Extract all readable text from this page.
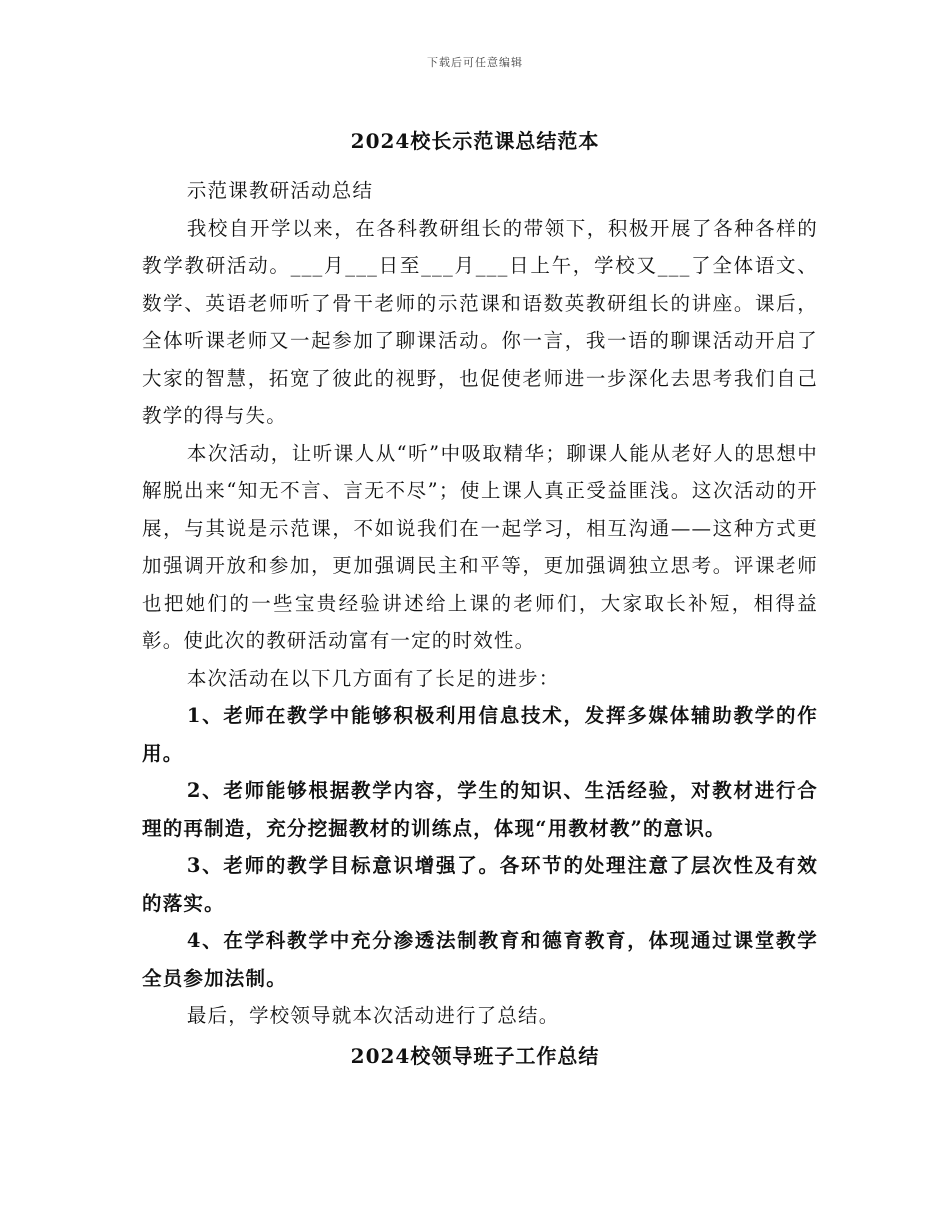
下载后可任意编辑
2024校长示范课总结范本

示范课教研活动总结

我校自开学以来，在各科教研组长的带领下，积极开展了各种各样的教学教研活动。___月___日至___月___日上午，学校又___了全体语文、数学、英语老师听了骨干老师的示范课和语数英教研组长的讲座。课后，全体听课老师又一起参加了聊课活动。你一言，我一语的聊课活动开启了大家的智慧，拓宽了彼此的视野，也促使老师进一步深化去思考我们自己教学的得与失。

本次活动，让听课人从“听”中吸取精华；聊课人能从老好人的思想中解脱出来“知无不言、言无不尽”；使上课人真正受益匪浅。这次活动的开展，与其说是示范课，不如说我们在一起学习，相互沟通——这种方式更加强调开放和参加，更加强调民主和平等，更加强调独立思考。评课老师也把她们的一些宝贵经验讲述给上课的老师们，大家取长补短，相得益彰。使此次的教研活动富有一定的时效性。

本次活动在以下几方面有了长足的进步：

1、老师在教学中能够积极利用信息技术，发挥多媒体辅助教学的作用。

2、老师能够根据教学内容，学生的知识、生活经验，对教材进行合理的再制造，充分挖掘教材的训练点，体现“用教材教”的意识。

3、老师的教学目标意识增强了。各环节的处理注意了层次性及有效的落实。

4、在学科教学中充分渗透法制教育和德育教育，体现通过课堂教学全员参加法制。

最后，学校领导就本次活动进行了总结。

2024校领导班子工作总结
